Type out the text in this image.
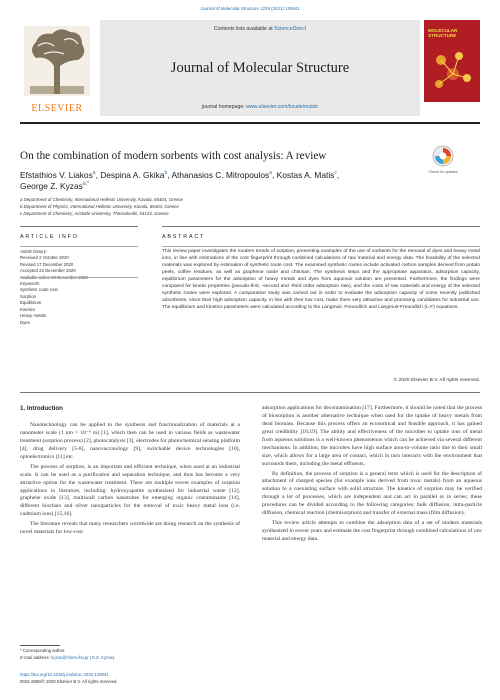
Journal of Molecular Structure 1229 (2021) 129841
ELSEVIER
Contents lists available at ScienceDirect
Journal of Molecular Structure
journal homepage: www.elsevier.com/locate/molstr
MOLECULAR STRUCTURE
On the combination of modern sorbents with cost analysis: A review
Check for updates
Efstathios V. Liakos$^a$, Despina A. Gkika$^b$, Athanasios C. Mitropoulos$^a$, Kostas A. Matis$^c$,
George Z. Kyzas$^{a,*}$
a Department of Chemistry, International Hellenic University, Kavala, 65404, Greece
b Department of Physics, International Hellenic University, Kavala, 65404, Greece
c Department of Chemistry, Aristotle University, Thessaloniki, 54124, Greece
ARTICLE INFO	ABSTRACT
Article history:
Received 2 October 2020
Revised 17 December 2020
Accepted 22 December 2020
Keywords:
Synthetic route cost
Sorption
Equilibrium
Kinetics
Heavy metals
Dyes
This review paper investigates the modern trends of sorption, presenting examples of the use of sorbents for the removal of dyes and heavy metal ions, in line with estimations of the cost fingerprint through combined calculations of raw material and energy data. The feasibility of the selected materials was explored by estimation of synthetic route cost. The examined synthetic routes include activated carbon samples derived from potato peels, coffee residues, as well as graphene oxide and chitosan. The synthesis steps and the appropriate apparatus, adsorption capacity, equilibrium parameters for the adsorption of heavy metals and dyes from aqueous solution are presented. Furthermore, the findings were compared for kinetic properties (pseudo-first, -second and -third order adsorption rate), and the costs of raw materials and energy of the selected synthetic routes were explored. A comparative study was carried out in order to evaluate the adsorption capacity of some recently published adsorbents, since their high adsorption capacity, in line with their low cost, make them very attractive and promising candidates for industrial use. The equilibrium and kinetics parameters were calculated according to the Langmuir, Freundlich and Langmuir-Freundlich (L-F) equations.
© 2020 Elsevier B.V. All rights reserved.
1. Introduction

Nanotechnology can be applied to the synthesis and functionalization of materials at a nanometer scale (1 nm = 10⁻⁹ m) [1], which then can be used in various fields as wastewater treatment (sorption process) [2], photocatalysis [3], electrodes for photochemical sensing platform [4], drug delivery [5-8], nanovaccinology [9], switchable device technologies [10], optoelectronics [11] etc.

The process of sorption, is an important and efficient technique, when used at an industrial scale. It can be used as a purification and separation technique, and thus has become a very attractive option for the wastewater treatment. There are multiple recent examples of sorption applications in literature, including: hydroxyapatite synthesized for industrial waste [12], graphene oxide [13], multiwall carbon nanotubes for emerging organic contaminants [14], different biochars and silver nanoparticles for the removal of toxic heavy metal ions (i.e. cadmium ions) [15,16].

The literature reveals that many researchers worldwide are doing research on the synthesis of novel materials for low-cost

adsorption applications for decontamination [17]. Furthermore, it should be noted that the process of biosorption is another alternative technique when used for the uptake of heavy metals from dead biomass. Because this process offers an economical and feasible approach, it has gained great credibility [18,19]. The ability and effectiveness of the microbes to uptake ions of metal from aqueous solutions is a well-known phenomenon which can be achieved via several different mechanisms. In addition, the microbes have high surface area-to-volume ratio due to their small size, which allows for a large area of contact, which in turn interacts with the environment that surrounds them, including the metal effluents.

By definition, the process of sorption is a general term which is used for the description of attachment of charged species (for example ions derived from toxic metals) from an aqueous solution to a coexisting surface with solid structure. The kinetics of sorption may be verified through a lot of processes, which are independent and can act in parallel or in series; these procedures can be divided according to the following categories: bulk diffusion, intra-particle diffusion, chemical reaction (chemisorption) and transfer of external mass (film diffusion).

This review article attempts to combine the adsorption data of a set of modern materials synthesized in recent years and estimate the cost fingerprint through combined calculations of raw material and energy data.

* Corresponding author.
E-mail address: kyzas@chem.ihu.gr (G.Z. Kyzas).
https://doi.org/10.1016/j.molstruc.2020.129841
0022-2860/© 2020 Elsevier B.V. All rights reserved.
